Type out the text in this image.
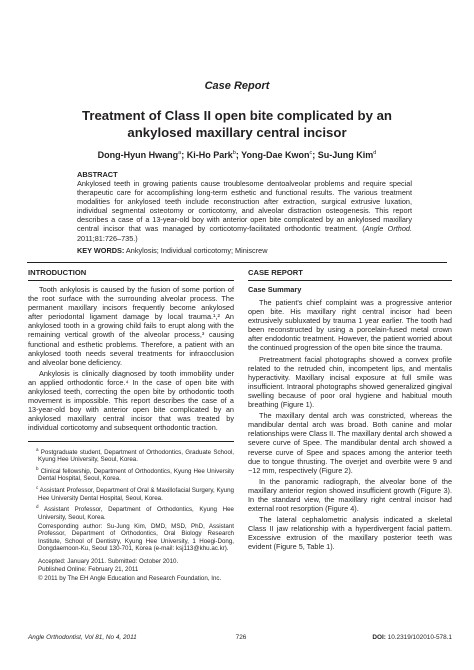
Case Report
Treatment of Class II open bite complicated by an ankylosed maxillary central incisor
Dong-Hyun Hwang$^a$; Ki-Ho Park$^b$; Yong-Dae Kwon$^c$; Su-Jung Kim$^d$
ABSTRACT

Ankylosed teeth in growing patients cause troublesome dentoalveolar problems and require special therapeutic care for accomplishing long-term esthetic and functional results. The various treatment modalities for ankylosed teeth include reconstruction after extraction, surgical extrusive luxation, individual segmental osteotomy or corticotomy, and alveolar distraction osteogenesis. This report describes a case of a 13-year-old boy with anterior open bite complicated by an ankylosed maxillary central incisor that was managed by corticotomy-facilitated orthodontic treatment. (Angle Orthod. 2011;81:726–735.)

KEY WORDS: Ankylosis; Individual corticotomy; Miniscrew
INTRODUCTION

Tooth ankylosis is caused by the fusion of some portion of the root surface with the surrounding alveolar process. The permanent maxillary incisors frequently become ankylosed after periodontal ligament damage by local trauma.¹,² An ankylosed tooth in a growing child fails to erupt along with the remaining vertical growth of the alveolar process,³ causing functional and esthetic problems. Therefore, a patient with an ankylosed tooth needs several treatments for infraocclusion and alveolar bone deficiency.

Ankylosis is clinically diagnosed by tooth immobility under an applied orthodontic force.⁴ In the case of open bite with ankylosed teeth, correcting the open bite by orthodontic tooth movement is impossible. This report describes the case of a 13-year-old boy with anterior open bite complicated by an ankylosed maxillary central incisor that was treated by individual corticotomy and subsequent orthodontic traction.

$^a$ Postgraduate student, Department of Orthodontics, Graduate School, Kyung Hee University, Seoul, Korea.

$^b$ Clinical fellowship, Department of Orthodontics, Kyung Hee University Dental Hospital, Seoul, Korea.

$^c$ Assistant Professor, Department of Oral & Maxillofacial Surgery, Kyung Hee University Dental Hospital, Seoul, Korea.

$^d$ Assistant Professor, Department of Orthodontics, Kyung Hee University, Seoul, Korea.

Corresponding author: Su-Jung Kim, DMD, MSD, PhD, Assistant Professor, Department of Orthodontics, Oral Biology Research Institute, School of Dentistry, Kyung Hee University, 1 Hoegi-Dong, Dongdaemoon-Ku, Seoul 130-701, Korea (e-mail: ksj113@khu.ac.kr).

Accepted: January 2011. Submitted: October 2010.

Published Online: February 21, 2011

© 2011 by The EH Angle Education and Research Foundation, Inc.

CASE REPORT
Case Summary

The patient's chief complaint was a progressive anterior open bite. His maxillary right central incisor had been extrusively subluxated by trauma 1 year earlier. The tooth had been reconstructed by using a porcelain-fused metal crown after endodontic treatment. However, the patient worried about the continued progression of the open bite since the trauma.

Pretreatment facial photographs showed a convex profile related to the retruded chin, incompetent lips, and mentalis hyperactivity. Maxillary incisal exposure at full smile was insufficient. Intraoral photographs showed generalized gingival swelling because of poor oral hygiene and habitual mouth breathing (Figure 1).

The maxillary dental arch was constricted, whereas the mandibular dental arch was broad. Both canine and molar relationships were Class II. The maxillary dental arch showed a severe curve of Spee. The mandibular dental arch showed a reverse curve of Spee and spaces among the anterior teeth due to tongue thrusting. The overjet and overbite were 9 and −12 mm, respectively (Figure 2).

In the panoramic radiograph, the alveolar bone of the maxillary anterior region showed insufficient growth (Figure 3). In the standard view, the maxillary right central incisor had external root resorption (Figure 4).

The lateral cephalometric analysis indicated a skeletal Class II jaw relationship with a hyperdivergent facial pattern. Excessive extrusion of the maxillary posterior teeth was evident (Figure 5, Table 1).

Angle Orthodontist, Vol 81, No 4, 2011	726	DOI: 10.2319/102010-578.1
